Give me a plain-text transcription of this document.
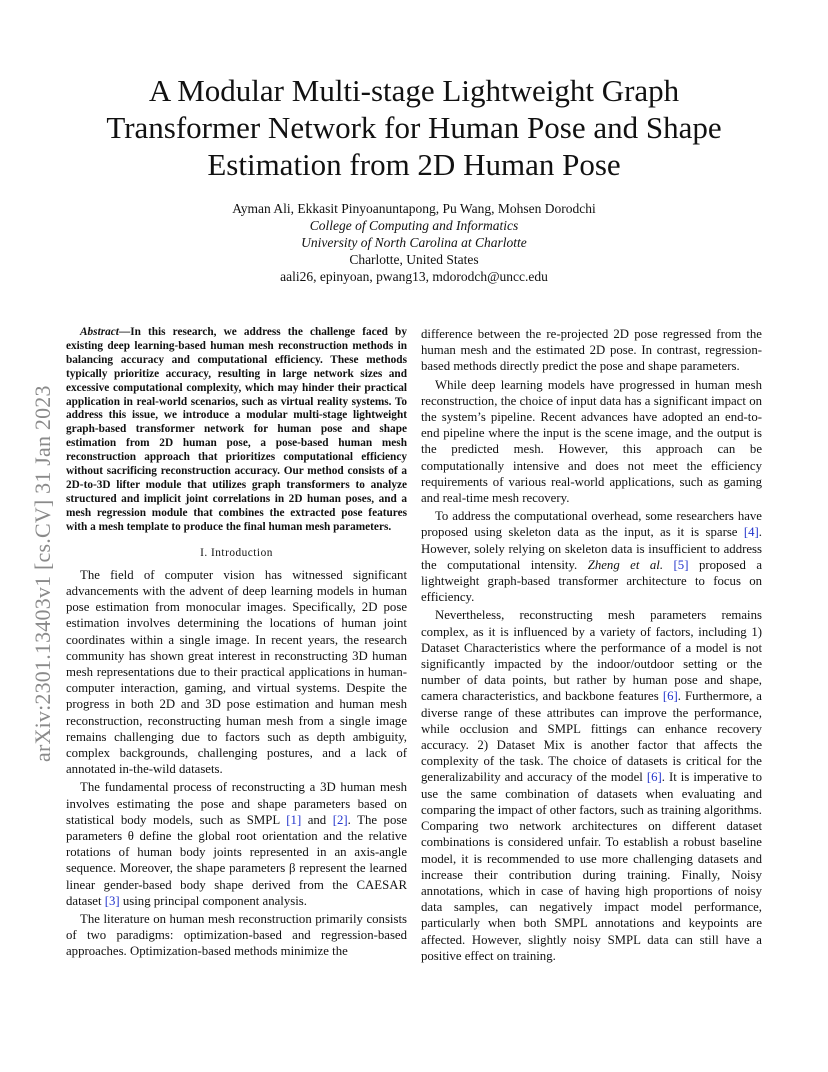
A Modular Multi-stage Lightweight Graph
Transformer Network for Human Pose and Shape
Estimation from 2D Human Pose
Ayman Ali, Ekkasit Pinyoanuntapong, Pu Wang, Mohsen Dorodchi
College of Computing and Informatics
University of North Carolina at Charlotte
Charlotte, United States
aali26, epinyoan, pwang13, mdorodch@uncc.edu
arXiv:2301.13403v1 [cs.CV] 31 Jan 2023

Abstract—In this research, we address the challenge faced by existing deep learning-based human mesh reconstruction methods in balancing accuracy and computational efficiency. These methods typically prioritize accuracy, resulting in large network sizes and excessive computational complexity, which may hinder their practical application in real-world scenarios, such as virtual reality systems. To address this issue, we introduce a modular multi-stage lightweight graph-based transformer network for human pose and shape estimation from 2D human pose, a pose-based human mesh reconstruction approach that prioritizes computational efficiency without sacrificing reconstruction accuracy. Our method consists of a 2D-to-3D lifter module that utilizes graph transformers to analyze structured and implicit joint correlations in 2D human poses, and a mesh regression module that combines the extracted pose features with a mesh template to produce the final human mesh parameters.

I. Introduction

The field of computer vision has witnessed significant advancements with the advent of deep learning models in human pose estimation from monocular images. Specifically, 2D pose estimation involves determining the locations of human joint coordinates within a single image. In recent years, the research community has shown great interest in reconstructing 3D human mesh representations due to their practical applications in human-computer interaction, gaming, and virtual systems. Despite the progress in both 2D and 3D pose estimation and human mesh reconstruction, reconstructing human mesh from a single image remains challenging due to factors such as depth ambiguity, complex backgrounds, challenging postures, and a lack of annotated in-the-wild datasets.

The fundamental process of reconstructing a 3D human mesh involves estimating the pose and shape parameters based on statistical body models, such as SMPL [1] and [2]. The pose parameters θ define the global root orientation and the relative rotations of human body joints represented in an axis-angle sequence. Moreover, the shape parameters β represent the learned linear gender-based body shape derived from the CAESAR dataset [3] using principal component analysis.

The literature on human mesh reconstruction primarily consists of two paradigms: optimization-based and regression-based approaches. Optimization-based methods minimize the

difference between the re-projected 2D pose regressed from the human mesh and the estimated 2D pose. In contrast, regression-based methods directly predict the pose and shape parameters.

While deep learning models have progressed in human mesh reconstruction, the choice of input data has a significant impact on the system’s pipeline. Recent advances have adopted an end-to-end pipeline where the input is the scene image, and the output is the predicted mesh. However, this approach can be computationally intensive and does not meet the efficiency requirements of various real-world applications, such as gaming and real-time mesh recovery.

To address the computational overhead, some researchers have proposed using skeleton data as the input, as it is sparse [4]. However, solely relying on skeleton data is insufficient to address the computational intensity. Zheng et al. [5] proposed a lightweight graph-based transformer architecture to focus on efficiency.

Nevertheless, reconstructing mesh parameters remains complex, as it is influenced by a variety of factors, including 1) Dataset Characteristics where the performance of a model is not significantly impacted by the indoor/outdoor setting or the number of data points, but rather by human pose and shape, camera characteristics, and backbone features [6]. Furthermore, a diverse range of these attributes can improve the performance, while occlusion and SMPL fittings can enhance recovery accuracy. 2) Dataset Mix is another factor that affects the complexity of the task. The choice of datasets is critical for the generalizability and accuracy of the model [6]. It is imperative to use the same combination of datasets when evaluating and comparing the impact of other factors, such as training algorithms. Comparing two network architectures on different dataset combinations is considered unfair. To establish a robust baseline model, it is recommended to use more challenging datasets and increase their contribution during training. Finally, Noisy annotations, which in case of having high proportions of noisy data samples, can negatively impact model performance, particularly when both SMPL annotations and keypoints are affected. However, slightly noisy SMPL data can still have a positive effect on training.
